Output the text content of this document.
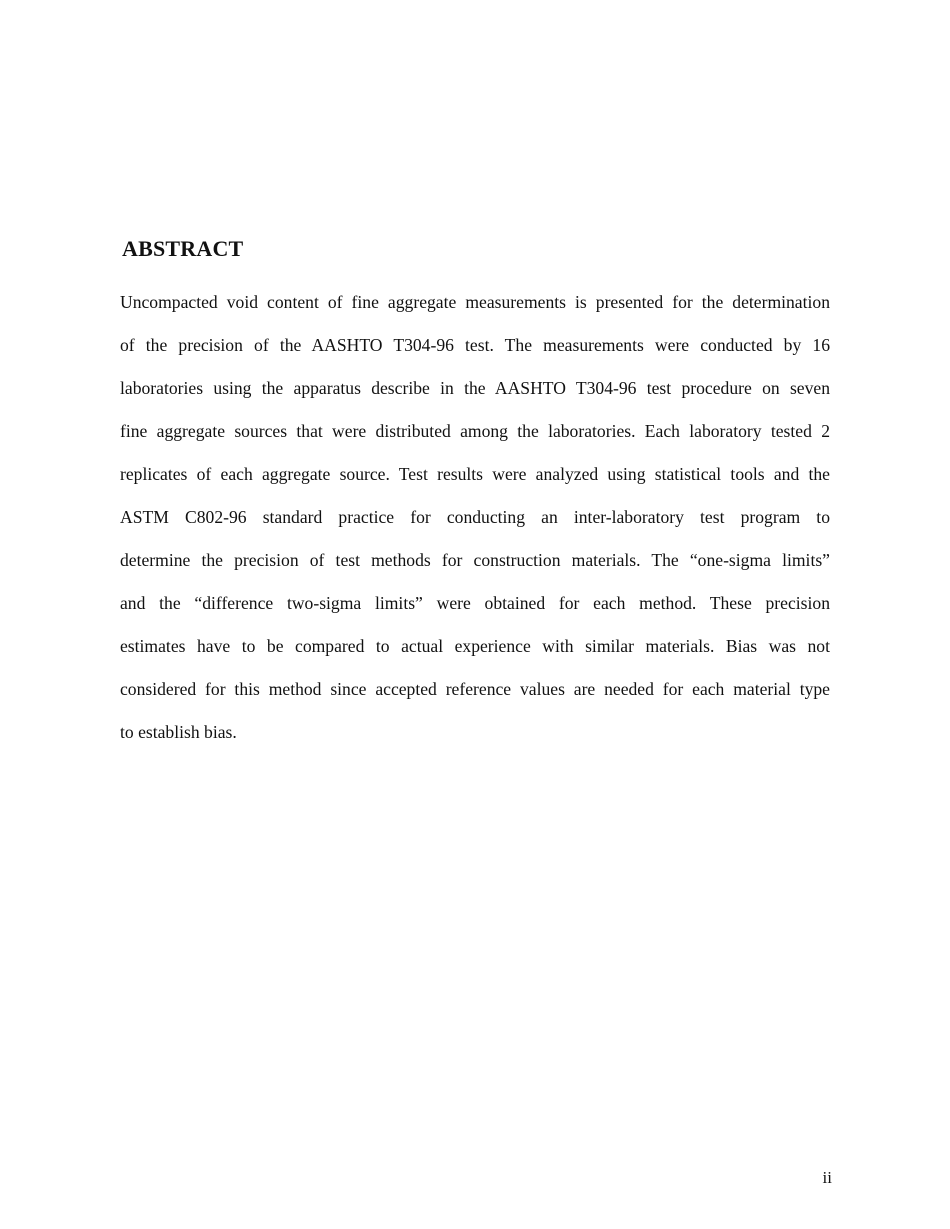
ABSTRACT
Uncompacted void content of fine aggregate measurements is presented for the determination
of the precision of the AASHTO T304-96 test. The measurements were conducted by 16
laboratories using the apparatus describe in the AASHTO T304-96 test procedure on seven
fine aggregate sources that were distributed among the laboratories. Each laboratory tested 2
replicates of each aggregate source. Test results were analyzed using statistical tools and the
ASTM C802-96 standard practice for conducting an inter-laboratory test program to
determine the precision of test methods for construction materials. The “one-sigma limits”
and the “difference two-sigma limits” were obtained for each method. These precision
estimates have to be compared to actual experience with similar materials. Bias was not
considered for this method since accepted reference values are needed for each material type
to establish bias.
ii
